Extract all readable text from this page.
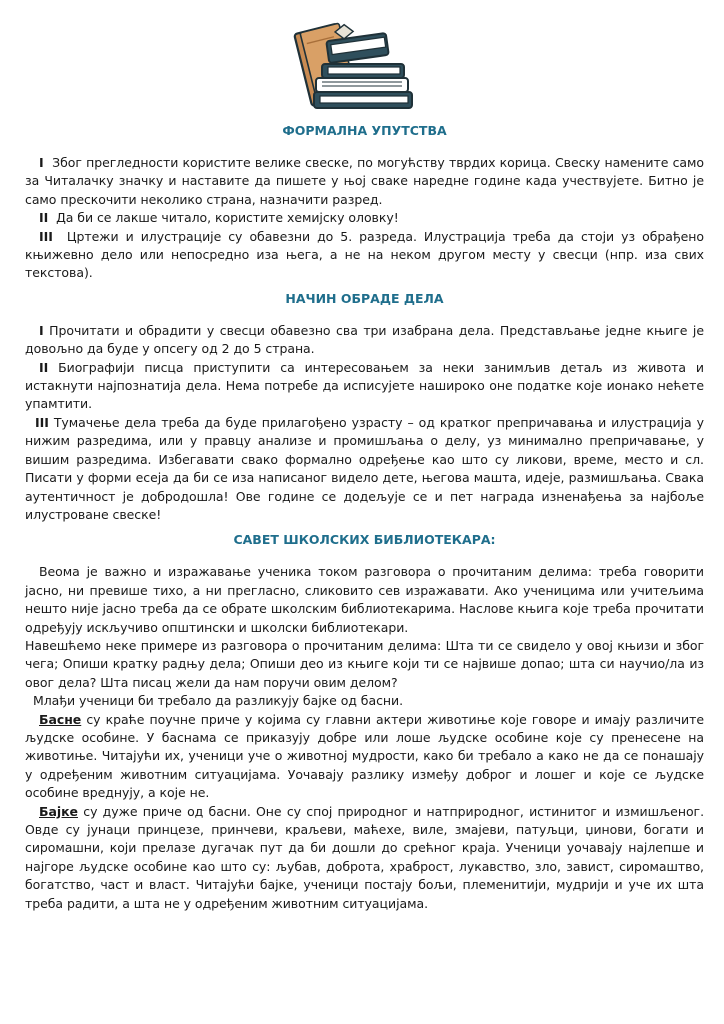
ФОРМАЛНА УПУТСТВА

I Због прегледности користите велике свеске, по могућству тврдих корица. Свеску намените само за Читалачку значку и наставите да пишете у њој сваке наредне године када учествујете. Битно је само прескочити неколико страна, назначити разред.

II Да би се лакше читало, користите хемијску оловку!

III Цртежи и илустрације су обавезни до 5. разреда. Илустрација треба да стоји уз обрађено књижевно дело или непосредно иза њега, а не на неком другом месту у свесци (нпр. иза свих текстова).

НАЧИН ОБРАДЕ ДЕЛА

I Прочитати и обрадити у свесци обавезно сва три изабрана дела. Представљање једне књиге је довољно да буде у опсегу од 2 до 5 страна.

II Биографији писца приступити са интересовањем за неки занимљив детаљ из живота и истакнути најпознатија дела. Нема потребе да исписујете нашироко оне податке које ионако нећете упамтити.

III Тумачење дела треба да буде прилагођено узрасту – од кратког препричавања и илустрација у нижим разредима, или у правцу анализе и промишљања о делу, уз минимално препричавање, у вишим разредима. Избегавати свако формално одређење као што су ликови, време, место и сл. Писати у форми есеја да би се иза написаног видело дете, његова машта, идеје, размишљања. Свака аутентичност је добродошла! Ове године се додељује се и пет награда изненађења за најбоље илустроване свеске!

САВЕТ ШКОЛСКИХ БИБЛИОТЕКАРА:

Веома је важно и изражавање ученика током разговора о прочитаним делима: треба говорити јасно, ни превише тихо, а ни прегласно, сликовито сев изражавати. Ако ученицима или учитељима нешто није јасно треба да се обрате школским библиотекарима. Наслове књига које треба прочитати одређују искључиво општински и школски библиотекари.

Навешћемо неке примере из разговора о прочитаним делима: Шта ти се свидело у овој књизи и због чега; Опиши кратку радњу дела; Опиши део из књиге који ти се највише допао; шта си научио/ла из овог дела? Шта писац жели да нам поручи овим делом?

Млађи ученици би требало да разликују бајке од басни.

Басне су краће поучне приче у којима су главни актери животиње које говоре и имају различите људске особине. У баснама се приказују добре или лоше људске особине које су пренесене на животиње. Читајући их, ученици уче о животној мудрости, како би требало а како не да се понашају у одређеним животним ситуацијама. Уочавају разлику између доброг и лошег и које се људске особине вреднују, а које не.

Бајке су дуже приче од басни. Оне су спој природног и натприродног, истинитог и измишљеног. Овде су јунаци принцезе, принчеви, краљеви, маћехе, виле, змајеви, патуљци, џинови, богати и сиромашни, који прелазе дугачак пут да би дошли до срећног краја. Ученици уочавају најлепше и најгоре људске особине као што су: љубав, доброта, храброст, лукавство, зло, завист, сиромаштво, богатство, част и власт. Читајући бајке, ученици постају бољи, племенитији, мудрији и уче их шта треба радити, а шта не у одређеним животним ситуацијама.
